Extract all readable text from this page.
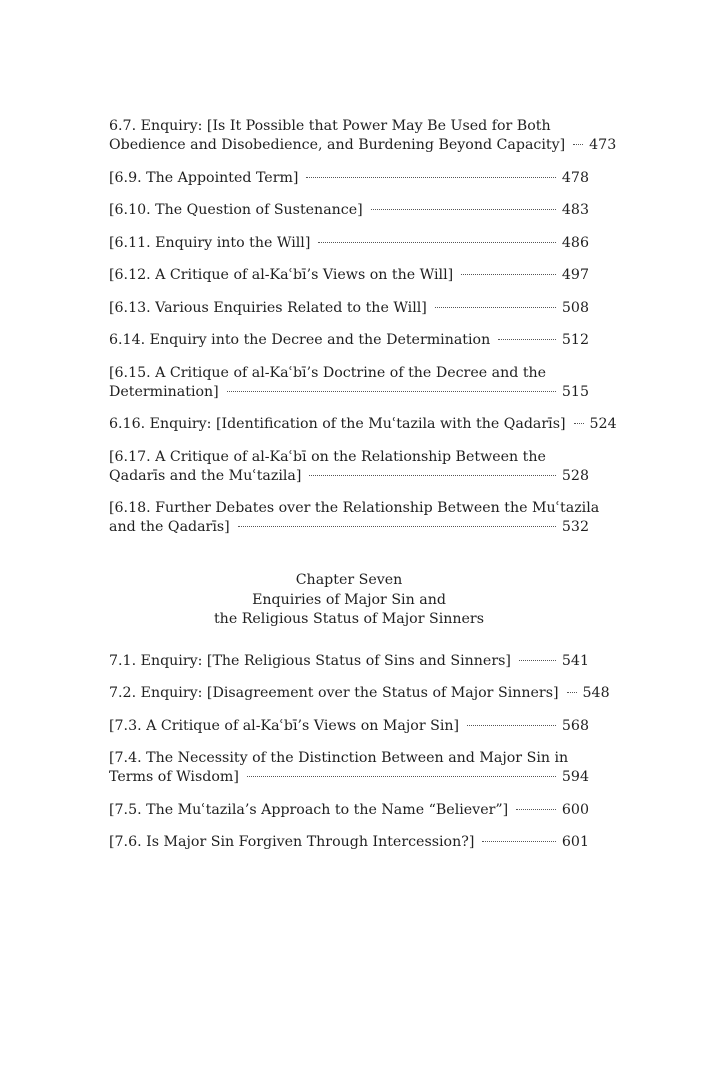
6.7. Enquiry: [Is It Possible that Power May Be Used for Both
Obedience and Disobedience, and Burdening Beyond Capacity] 473
[6.9. The Appointed Term]	478
[6.10. The Question of Sustenance]	483
[6.11. Enquiry into the Will]	486
[6.12. A Critique of al-Kaʿbī’s Views on the Will]	497
[6.13. Various Enquiries Related to the Will]	508
6.14. Enquiry into the Decree and the Determination	512
[6.15. A Critique of al-Kaʿbī’s Doctrine of the Decree and the
Determination]	515
6.16. Enquiry: [Identification of the Muʿtazila with the Qadarīs] 524
[6.17. A Critique of al-Kaʿbī on the Relationship Between the
Qadarīs and the Muʿtazila]	528
[6.18. Further Debates over the Relationship Between the Muʿtazila
and the Qadarīs]	532
Chapter Seven
Enquiries of Major Sin and
the Religious Status of Major Sinners
7.1. Enquiry: [The Religious Status of Sins and Sinners]	541
7.2. Enquiry: [Disagreement over the Status of Major Sinners] 548
[7.3. A Critique of al-Kaʿbī’s Views on Major Sin]	568
[7.4. The Necessity of the Distinction Between and Major Sin in
Terms of Wisdom]	594
[7.5. The Muʿtazila’s Approach to the Name “Believer”]	600
[7.6. Is Major Sin Forgiven Through Intercession?]	601
